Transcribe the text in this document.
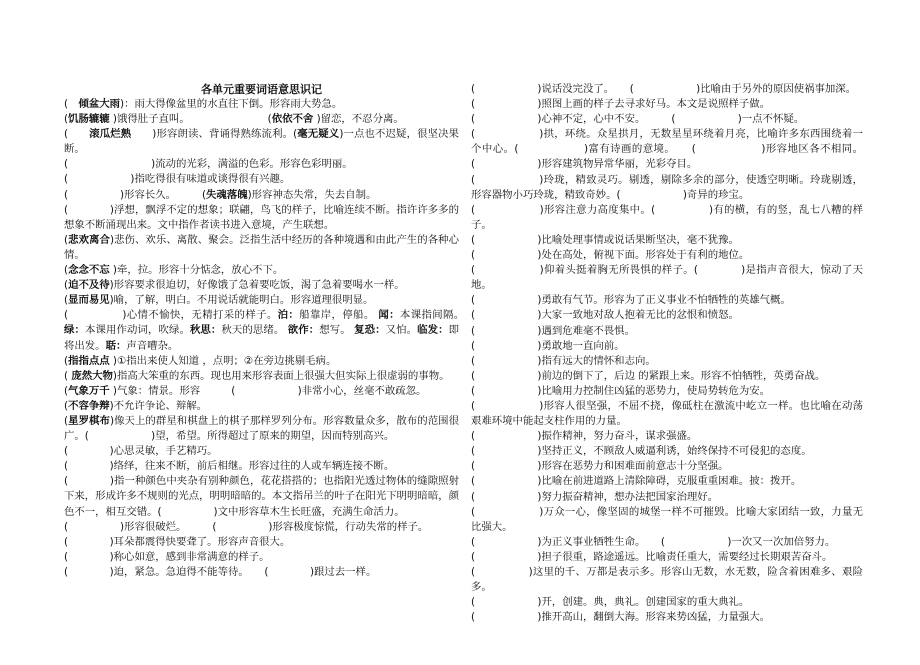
各单元重要词语意思识记

(　倾盆大雨)：雨大得像盆里的水直往下倒。形容雨大势急。

(饥肠辘辘 )饿得肚子直叫。　　　　　　　　(依依不舍 )留恋，不忍分离。

(　　滚瓜烂熟　　)形容朗读、背诵得熟练流利。(毫无疑义)一点也不迟疑，很坚决果断。

(　　　　　　　　)流动的光彩，满溢的色彩。形容色彩明丽。

(　　　　　　)指吃得很有味道或谈得很有兴趣。

(　　　　　)形容长久。　　　(失魂落魄)形容神态失常，失去自制。

(　　　　)浮想，飘浮不定的想象；联翩，鸟飞的样子，比喻连续不断。指许许多多的想象不断涌现出来。文中指作者读书进入意境，产生联想。

(悲欢离合)悲伤、欢乐、离散、聚会。泛指生活中经历的各种境遇和由此产生的各种心情。

(念念不忘 )牵，拉。形容十分惦念，放心不下。

(迫不及待)形容要求很迫切，好像饿了急着要吃饭，渴了急着要喝水一样。

(显而易见)喻，了解，明白。不用说话就能明白。形容道理很明显。

(　　　　　)心情不愉快，无精打采的样子。泊：船靠岸，停船。 闻：本课指间隔。　绿：本课用作动词，吹绿。秋思：秋天的思绪。 欲作：想写。 复恐：又怕。临发：即将出发。聒：声音嘈杂。

(指指点点 )①指出来使人知道 ，点明；②在旁边挑剔毛病。

( 庞然大物)指高大笨重的东西。现也用来形容表面上很强大但实际上很虚弱的事物。

(气象万千 )气象：情景。形容　　　(　　　　　　)非常小心，丝毫不敢疏忽。

(不容争辩)不允许争论、辩解。

(星罗棋布)像天上的群星和棋盘上的棋子那样罗列分布。形容数量众多，散布的范围很广。(　　　　　　)望，希望。所得超过了原来的期望，因而特别高兴。

(　　　　)心思灵敏，手艺精巧。

(　　　　)络绎，往来不断，前后相继。形容过往的人或车辆连接不断。

(　　　　)指一种颜色中夹杂有别种颜色，花花搭搭的；也指阳光透过物体的缝隙照射下来，形成许多不规则的光点，明明暗暗的。本文指吊兰的叶子在阳光下明明暗暗，颜色不一，相互交错。(　　　　　)文中形容草木生长旺盛，充满生命活力。

(　　　　　)形容很破烂。　　　(　　　　　)形容极度惊慌，行动失常的样子。

(　　　　)耳朵都震得快要聋了。形容声音很大。

(　　　　)称心如意，感到非常满意的样子。

(　　　　)迫，紧急。急迫得不能等待。　　(　　　　)跟过去一样。

(　　　　　　)说话没完没了。　　(　　　　　　)比喻由于另外的原因使祸事加深。

(　　　　　　)照图上画的样子去寻求好马。本文是说照样子做。

(　　　　　　)心神不定，心中不安。　　　(　　　　　　)一点不怀疑。

(　　　　　　)拱，环绕。众星拱月，无数星星环绕着月亮，比喻许多东西围绕着一个中心。(　　　　　　)富有诗画的意境。　　(　　　　　　)形容地区各不相同。(　　　　　　)形容建筑物异常华丽，光彩夺目。

(　　　　　　)玲珑，精致灵巧。剔透，剔除多余的部分，使透空明晰。玲珑剔透，形容器物小巧玲珑，精致奇妙。(　　　　　　)奇异的珍宝。

(　　　　　　)形容注意力高度集中。(　　　　　)有的横，有的竖，乱七八糟的样子。

(　　　　　　)比喻处理事情或说话果断坚决，毫不犹豫。

(　　　　　　)处在高处，俯视下面。形容处于有利的地位。

(　　　　　　)仰着头挺着胸无所畏惧的样子。(　　　　)是指声音很大，惊动了天地。

(　　　　　　)勇敢有气节。形容为了正义事业不怕牺牲的英雄气概。

(　　　　　　)大家一致地对敌人抱着无比的忿恨和愤怒。

(　　　　　　)遇到危难毫不畏惧。

(　　　　　　)勇敢地一直向前。

(　　　　　　)指有远大的情怀和志向。

(　　　　　　)前边的倒下了，后边 的紧跟上来。形容不怕牺牲，英勇奋战。

(　　　　　　)比喻用力控制住凶猛的恶势力，使局势转危为安。

(　　　　　　)形容人很坚强，不屈不挠，像砥柱在激流中屹立一样。也比喻在动荡艰难环境中能起支柱作用的力量。

(　　　　　　)振作精神，努力奋斗，谋求强盛。

(　　　　　　)坚持正义，不顾敌人威逼利诱，始终保持不可侵犯的态度。

(　　　　　　)形容在恶势力和困难面前意志十分坚强。

(　　　　　　)比喻在前进道路上清除障碍，克服重重困难。披：拨开。

(　　　　　　)努力振奋精神，想办法把国家治理好。

(　　　　　　)万众一心，像坚固的城堡一样不可摧毁。比喻大家团结一致，力量无比强大。

(　　　　　　)为正义事业牺牲生命。　　(　　　　　　)一次又一次加倍努力。

(　　　　　　)担子很重，路途遥远。比喻责任重大，需要经过长期艰苦奋斗。

(　　　　　)这里的千、万都是表示多。形容山无数，水无数，险含着困难多、艰险多。

(　　　　　　)开，创建。典，典礼。创建国家的重大典礼。

(　　　　　　)推开高山，翻倒大海。形容来势凶猛，力量强大。
